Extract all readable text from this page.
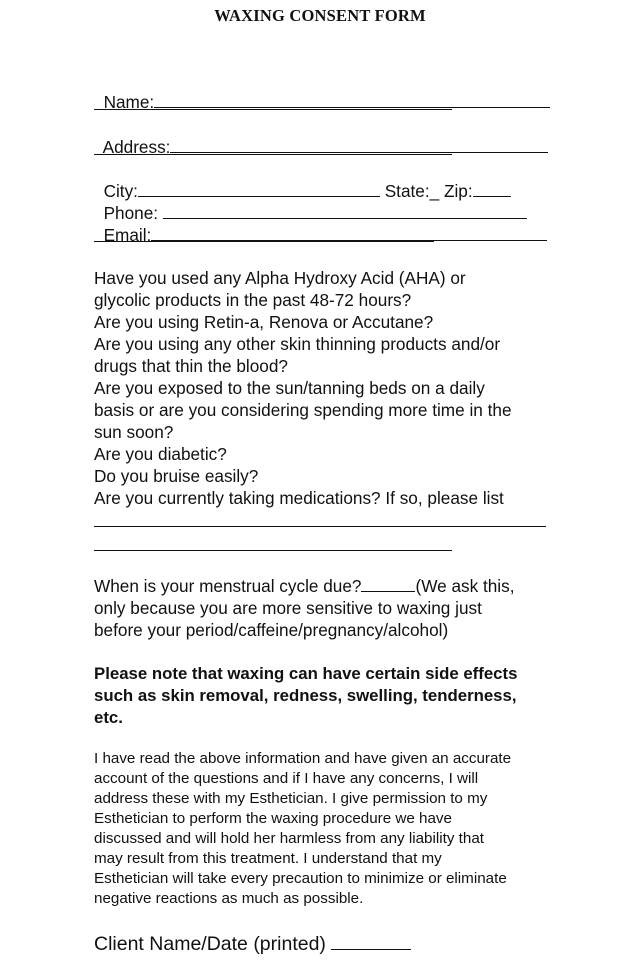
WAXING CONSENT FORM

Name:

Address:

City:	State:_ Zip:

Phone:

Email:

Have you used any Alpha Hydroxy Acid (AHA) or
glycolic products in the past 48-72 hours?
Are you using Retin-a, Renova or Accutane?
Are you using any other skin thinning products and/or
drugs that thin the blood?
Are you exposed to the sun/tanning beds on a daily
basis or are you considering spending more time in the
sun soon?
Are you diabetic?
Do you bruise easily?
Are you currently taking medications? If so, please list
When is your menstrual cycle due?	(We ask this,
only because you are more sensitive to waxing just
before your period/caffeine/pregnancy/alcohol)
Please note that waxing can have certain side effects
such as skin removal, redness, swelling, tenderness,
etc.
I have read the above information and have given an accurate
account of the questions and if I have any concerns, I will
address these with my Esthetician. I give permission to my
Esthetician to perform the waxing procedure we have
discussed and will hold her harmless from any liability that
may result from this treatment. I understand that my
Esthetician will take every precaution to minimize or eliminate
negative reactions as much as possible.
Client Name/Date (printed)
